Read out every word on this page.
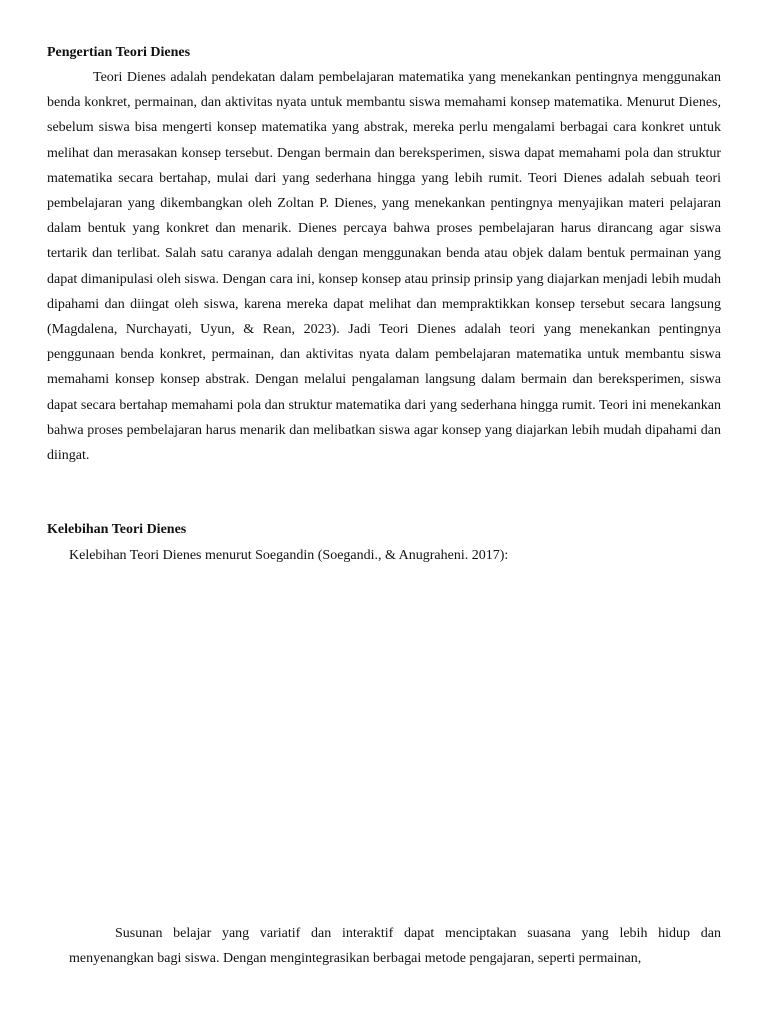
Pengertian Teori Dienes

Teori Dienes adalah pendekatan dalam pembelajaran matematika yang menekankan pentingnya menggunakan benda konkret, permainan, dan aktivitas nyata untuk membantu siswa memahami konsep matematika. Menurut Dienes, sebelum siswa bisa mengerti konsep matematika yang abstrak, mereka perlu mengalami berbagai cara konkret untuk melihat dan merasakan konsep tersebut. Dengan bermain dan bereksperimen, siswa dapat memahami pola dan struktur matematika secara bertahap, mulai dari yang sederhana hingga yang lebih rumit. Teori Dienes adalah sebuah teori pembelajaran yang dikembangkan oleh Zoltan P. Dienes, yang menekankan pentingnya menyajikan materi pelajaran dalam bentuk yang konkret dan menarik. Dienes percaya bahwa proses pembelajaran harus dirancang agar siswa tertarik dan terlibat. Salah satu caranya adalah dengan menggunakan benda atau objek dalam bentuk permainan yang dapat dimanipulasi oleh siswa. Dengan cara ini, konsep konsep atau prinsip prinsip yang diajarkan menjadi lebih mudah dipahami dan diingat oleh siswa, karena mereka dapat melihat dan mempraktikkan konsep tersebut secara langsung (Magdalena, Nurchayati, Uyun, & Rean, 2023). Jadi Teori Dienes adalah teori yang menekankan pentingnya penggunaan benda konkret, permainan, dan aktivitas nyata dalam pembelajaran matematika untuk membantu siswa memahami konsep konsep abstrak. Dengan melalui pengalaman langsung dalam bermain dan bereksperimen, siswa dapat secara bertahap memahami pola dan struktur matematika dari yang sederhana hingga rumit. Teori ini menekankan bahwa proses pembelajaran harus menarik dan melibatkan siswa agar konsep yang diajarkan lebih mudah dipahami dan diingat.

Kelebihan Teori Dienes

Kelebihan Teori Dienes menurut Soegandin (Soegandi., & Anugraheni. 2017):

Susunan belajar yang variatif dan interaktif dapat menciptakan suasana yang lebih hidup dan menyenangkan bagi siswa. Dengan mengintegrasikan berbagai metode pengajaran, seperti permainan,
